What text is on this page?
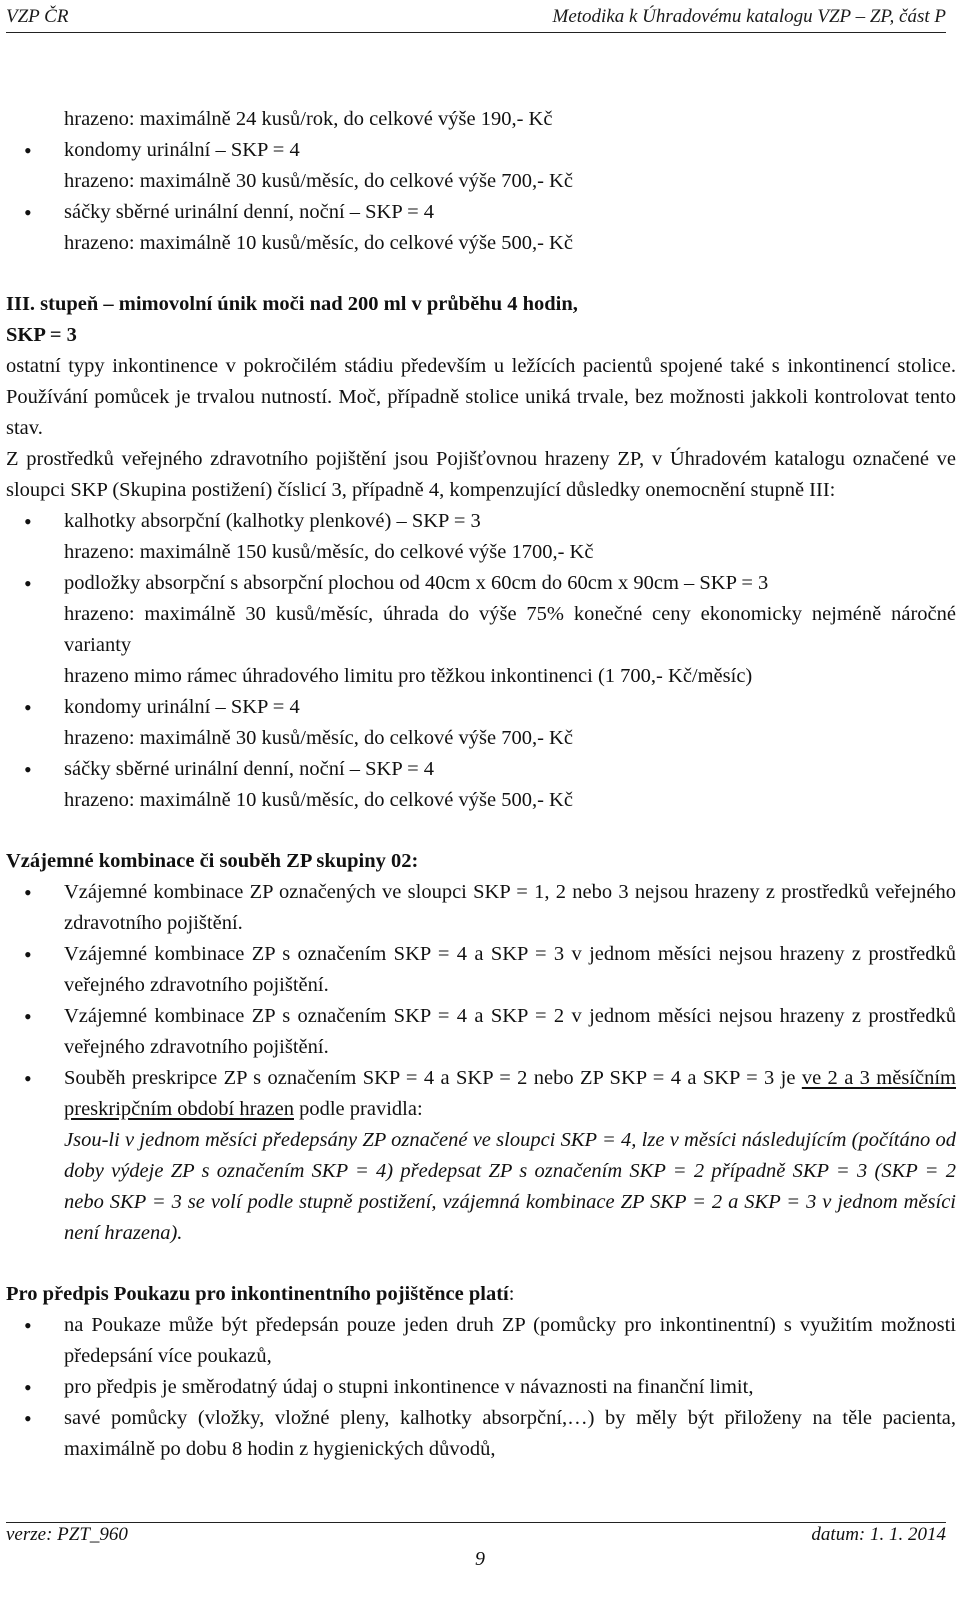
VZP ČR	Metodika k Úhradovému katalogu VZP – ZP, část P
hrazeno: maximálně 24 kusů/rok, do celkové výše 190,- Kč
• kondomy urinální – SKP = 4
hrazeno: maximálně 30 kusů/měsíc, do celkové výše 700,- Kč
• sáčky sběrné urinální denní, noční – SKP = 4
hrazeno: maximálně 10 kusů/měsíc, do celkové výše 500,- Kč
III. stupeň – mimovolní únik moči nad 200 ml v průběhu 4 hodin,
SKP = 3

ostatní typy inkontinence v pokročilém stádiu především u ležících pacientů spojené také s inkontinencí stolice. Používání pomůcek je trvalou nutností. Moč, případně stolice uniká trvale, bez možnosti jakkoli kontrolovat tento stav.

Z prostředků veřejného zdravotního pojištění jsou Pojišťovnou hrazeny ZP, v Úhradovém katalogu označené ve sloupci SKP (Skupina postižení) číslicí 3, případně 4, kompenzující důsledky onemocnění stupně III:

• kalhotky absorpční (kalhotky plenkové) – SKP = 3
hrazeno: maximálně 150 kusů/měsíc, do celkové výše 1700,- Kč
• podložky absorpční s absorpční plochou od 40cm x 60cm do 60cm x 90cm – SKP = 3
hrazeno: maximálně 30 kusů/měsíc, úhrada do výše 75% konečné ceny ekonomicky nejméně náročné varianty
hrazeno mimo rámec úhradového limitu pro těžkou inkontinenci (1 700,- Kč/měsíc)
• kondomy urinální – SKP = 4
hrazeno: maximálně 30 kusů/měsíc, do celkové výše 700,- Kč
• sáčky sběrné urinální denní, noční – SKP = 4
hrazeno: maximálně 10 kusů/měsíc, do celkové výše 500,- Kč
Vzájemné kombinace či souběh ZP skupiny 02:
• Vzájemné kombinace ZP označených ve sloupci SKP = 1, 2 nebo 3 nejsou hrazeny z prostředků veřejného zdravotního pojištění.
• Vzájemné kombinace ZP s označením SKP = 4 a SKP = 3 v jednom měsíci nejsou hrazeny z prostředků veřejného zdravotního pojištění.
• Vzájemné kombinace ZP s označením SKP = 4 a SKP = 2 v jednom měsíci nejsou hrazeny z prostředků veřejného zdravotního pojištění.
• Souběh preskripce ZP s označením SKP = 4 a SKP = 2 nebo ZP SKP = 4 a SKP = 3 je ve 2 a 3 měsíčním preskripčním období hrazen podle pravidla:
Jsou-li v jednom měsíci předepsány ZP označené ve sloupci SKP = 4, lze v měsíci následujícím (počítáno od doby výdeje ZP s označením SKP = 4) předepsat ZP s označením SKP = 2 případně SKP = 3 (SKP = 2 nebo SKP = 3 se volí podle stupně postižení, vzájemná kombinace ZP SKP = 2 a SKP = 3 v jednom měsíci není hrazena).
Pro předpis Poukazu pro inkontinentního pojištěnce platí:
• na Poukaze může být předepsán pouze jeden druh ZP (pomůcky pro inkontinentní) s využitím možnosti předepsání více poukazů,
• pro předpis je směrodatný údaj o stupni inkontinence v návaznosti na finanční limit,
• savé pomůcky (vložky, vložné pleny, kalhotky absorpční,…) by měly být přiloženy na těle pacienta, maximálně po dobu 8 hodin z hygienických důvodů,
verze: PZT_960	datum: 1. 1. 2014
9
